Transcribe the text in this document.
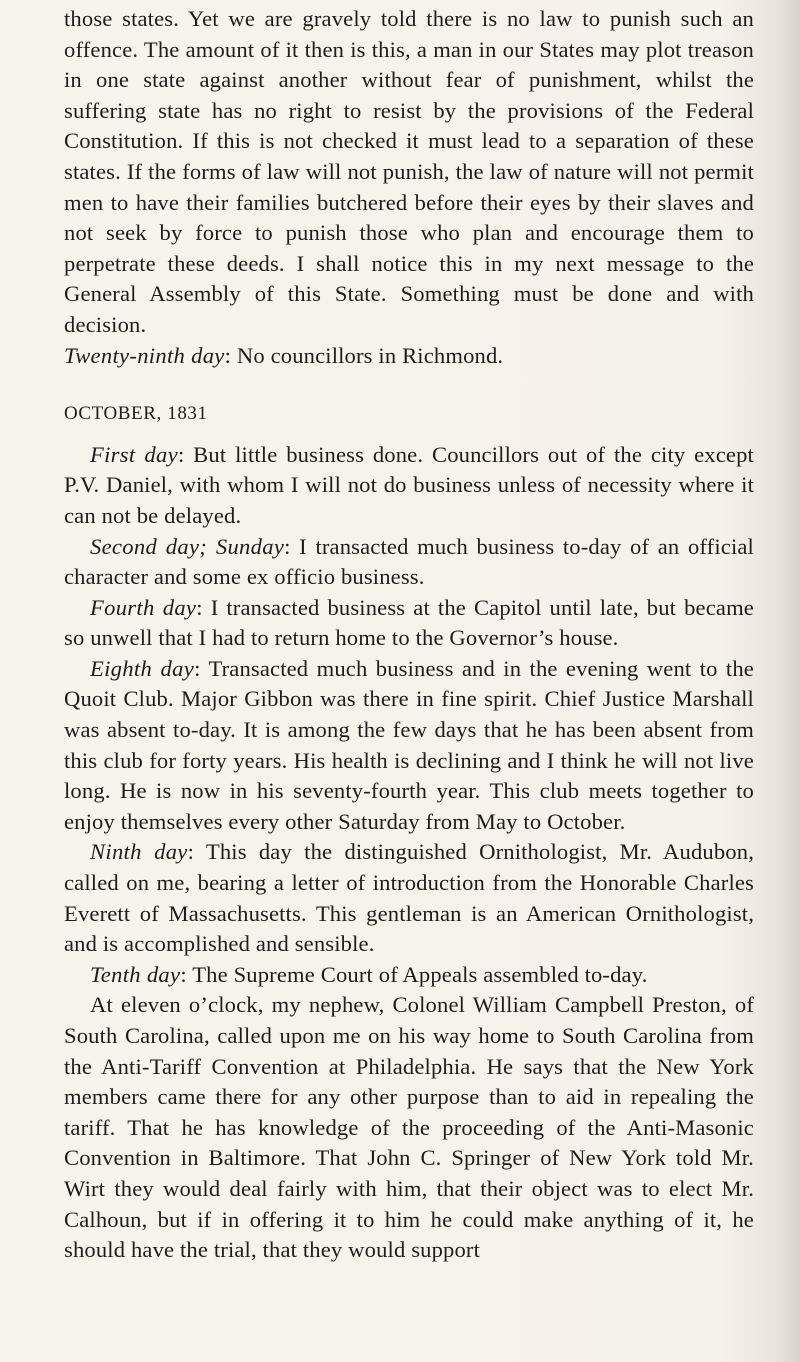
those states. Yet we are gravely told there is no law to punish such an offence. The amount of it then is this, a man in our States may plot treason in one state against another without fear of punishment, whilst the suffering state has no right to resist by the provisions of the Federal Constitution. If this is not checked it must lead to a separation of these states. If the forms of law will not punish, the law of nature will not permit men to have their families butchered before their eyes by their slaves and not seek by force to punish those who plan and encourage them to perpetrate these deeds. I shall notice this in my next message to the General Assembly of this State. Something must be done and with decision.

Twenty-ninth day: No councillors in Richmond.

OCTOBER, 1831

First day: But little business done. Councillors out of the city except P.V. Daniel, with whom I will not do business unless of necessity where it can not be delayed.

Second day; Sunday: I transacted much business to-day of an official character and some ex officio business.

Fourth day: I transacted business at the Capitol until late, but became so unwell that I had to return home to the Governor’s house.

Eighth day: Transacted much business and in the evening went to the Quoit Club. Major Gibbon was there in fine spirit. Chief Justice Marshall was absent to-day. It is among the few days that he has been absent from this club for forty years. His health is declining and I think he will not live long. He is now in his seventy-fourth year. This club meets together to enjoy themselves every other Saturday from May to October.

Ninth day: This day the distinguished Ornithologist, Mr. Audubon, called on me, bearing a letter of introduction from the Honorable Charles Everett of Massachusetts. This gentleman is an American Ornithologist, and is accomplished and sensible.

Tenth day: The Supreme Court of Appeals assembled to-day.

At eleven o’clock, my nephew, Colonel William Campbell Preston, of South Carolina, called upon me on his way home to South Carolina from the Anti-Tariff Convention at Philadelphia. He says that the New York members came there for any other purpose than to aid in repealing the tariff. That he has knowledge of the proceeding of the Anti-Masonic Convention in Baltimore. That John C. Springer of New York told Mr. Wirt they would deal fairly with him, that their object was to elect Mr. Calhoun, but if in offering it to him he could make anything of it, he should have the trial, that they would support
